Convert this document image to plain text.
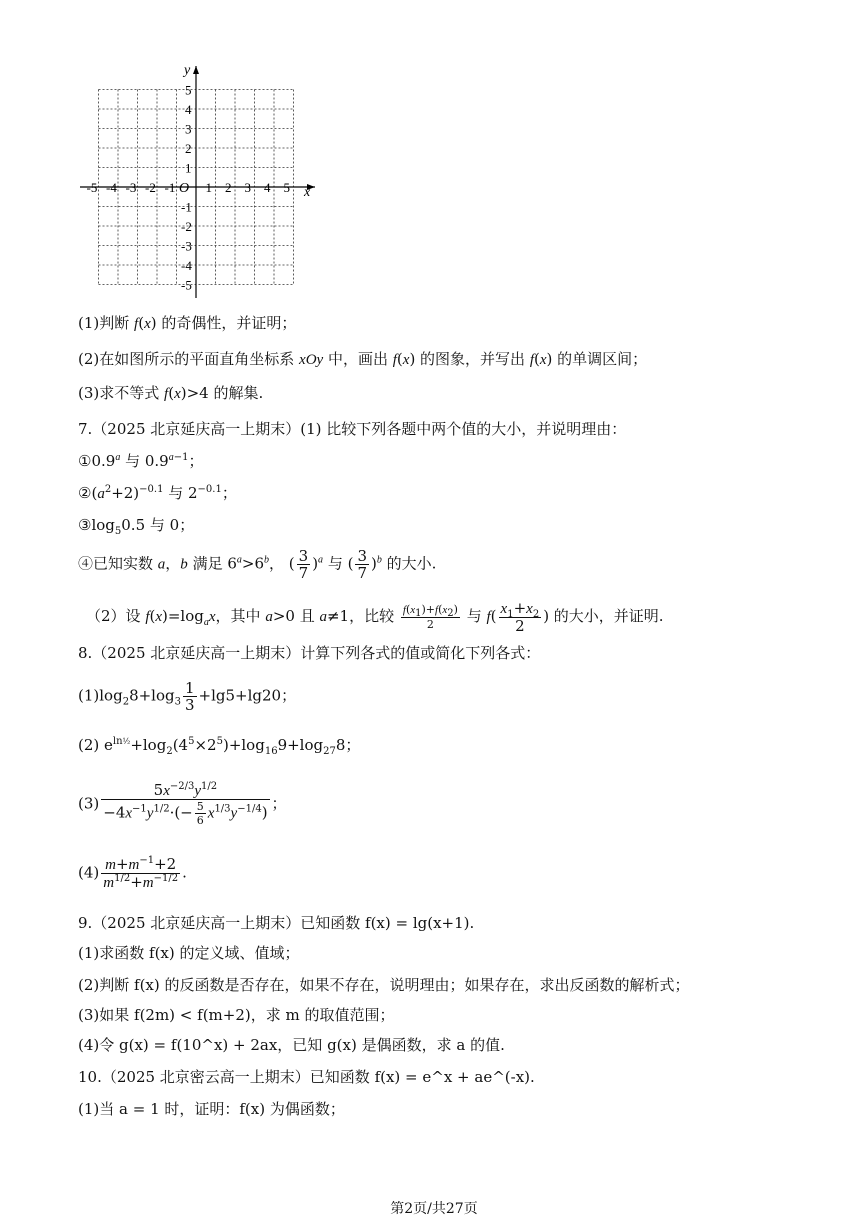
-5 -4 -3 -2 -1 1 2 3 4 5
5
4
3
2
1
-1
-2
-3
-4
-5
x
y
O
(1)判断 f(x) 的奇偶性，并证明；
(2)在如图所示的平面直角坐标系 xOy 中，画出 f(x) 的图象，并写出 f(x) 的单调区间；
(3)求不等式 f(x)>4 的解集.
7.（2025 北京延庆高一上期末）(1) 比较下列各题中两个值的大小，并说明理由：
①0.9$^a$ 与 $0.9^{a-1}$；
$②(a^2+2)^{-0.1}$ 与 $2^{-0.1}$；
$③\log_50.5$ 与 0；
④已知实数 a，b 满足 $6^a>6^b$， ( $\frac{3}{7} )^a$ 与 ( $\frac{3}{7} )^b$ 的大小.
（2）设 $f(x)=\log_ax$，其中 a>0 且 a≠1，比较 $\frac{f(x_1)+f(x_2)}{2}$ 与 $f( \frac{x_1+x_2}{2}$ ) 的大小，并证明.
8.（2025 北京延庆高一上期末）计算下列各式的值或简化下列各式：
$(1)\log_28+\log_3 \frac{1}{3} +\lg 5+\lg 20$；
(2) $e^{ln\frac{1}{2}}+\log_2(4^5\times 2^5)+\log_{16}9+\log_{27}8$；
$(3) \frac{5x^{-2/3}y^{1/2}}{-4x^{-1}y^{1/2}\cdot(- \frac{5}{6} x^{1/3}y^{-1/4})}$ ；
$(4) \frac{m+m^{-1}+2}{m^{1/2}+m^{-1/2}}$ .
9.（2025 北京延庆高一上期末）已知函数 f(x) = lg(x+1).
(1)求函数 f(x) 的定义域、值域；
(2)判断 f(x) 的反函数是否存在，如果不存在，说明理由；如果存在，求出反函数的解析式；
(3)如果 f(2m) < f(m+2)，求 m 的取值范围；
(4)令 g(x) = f(10^x) + 2ax，已知 g(x) 是偶函数，求 a 的值.
10.（2025 北京密云高一上期末）已知函数 f(x) = e^x + ae^(-x).
(1)当 a = 1 时，证明：f(x) 为偶函数；
第2页/共27页
